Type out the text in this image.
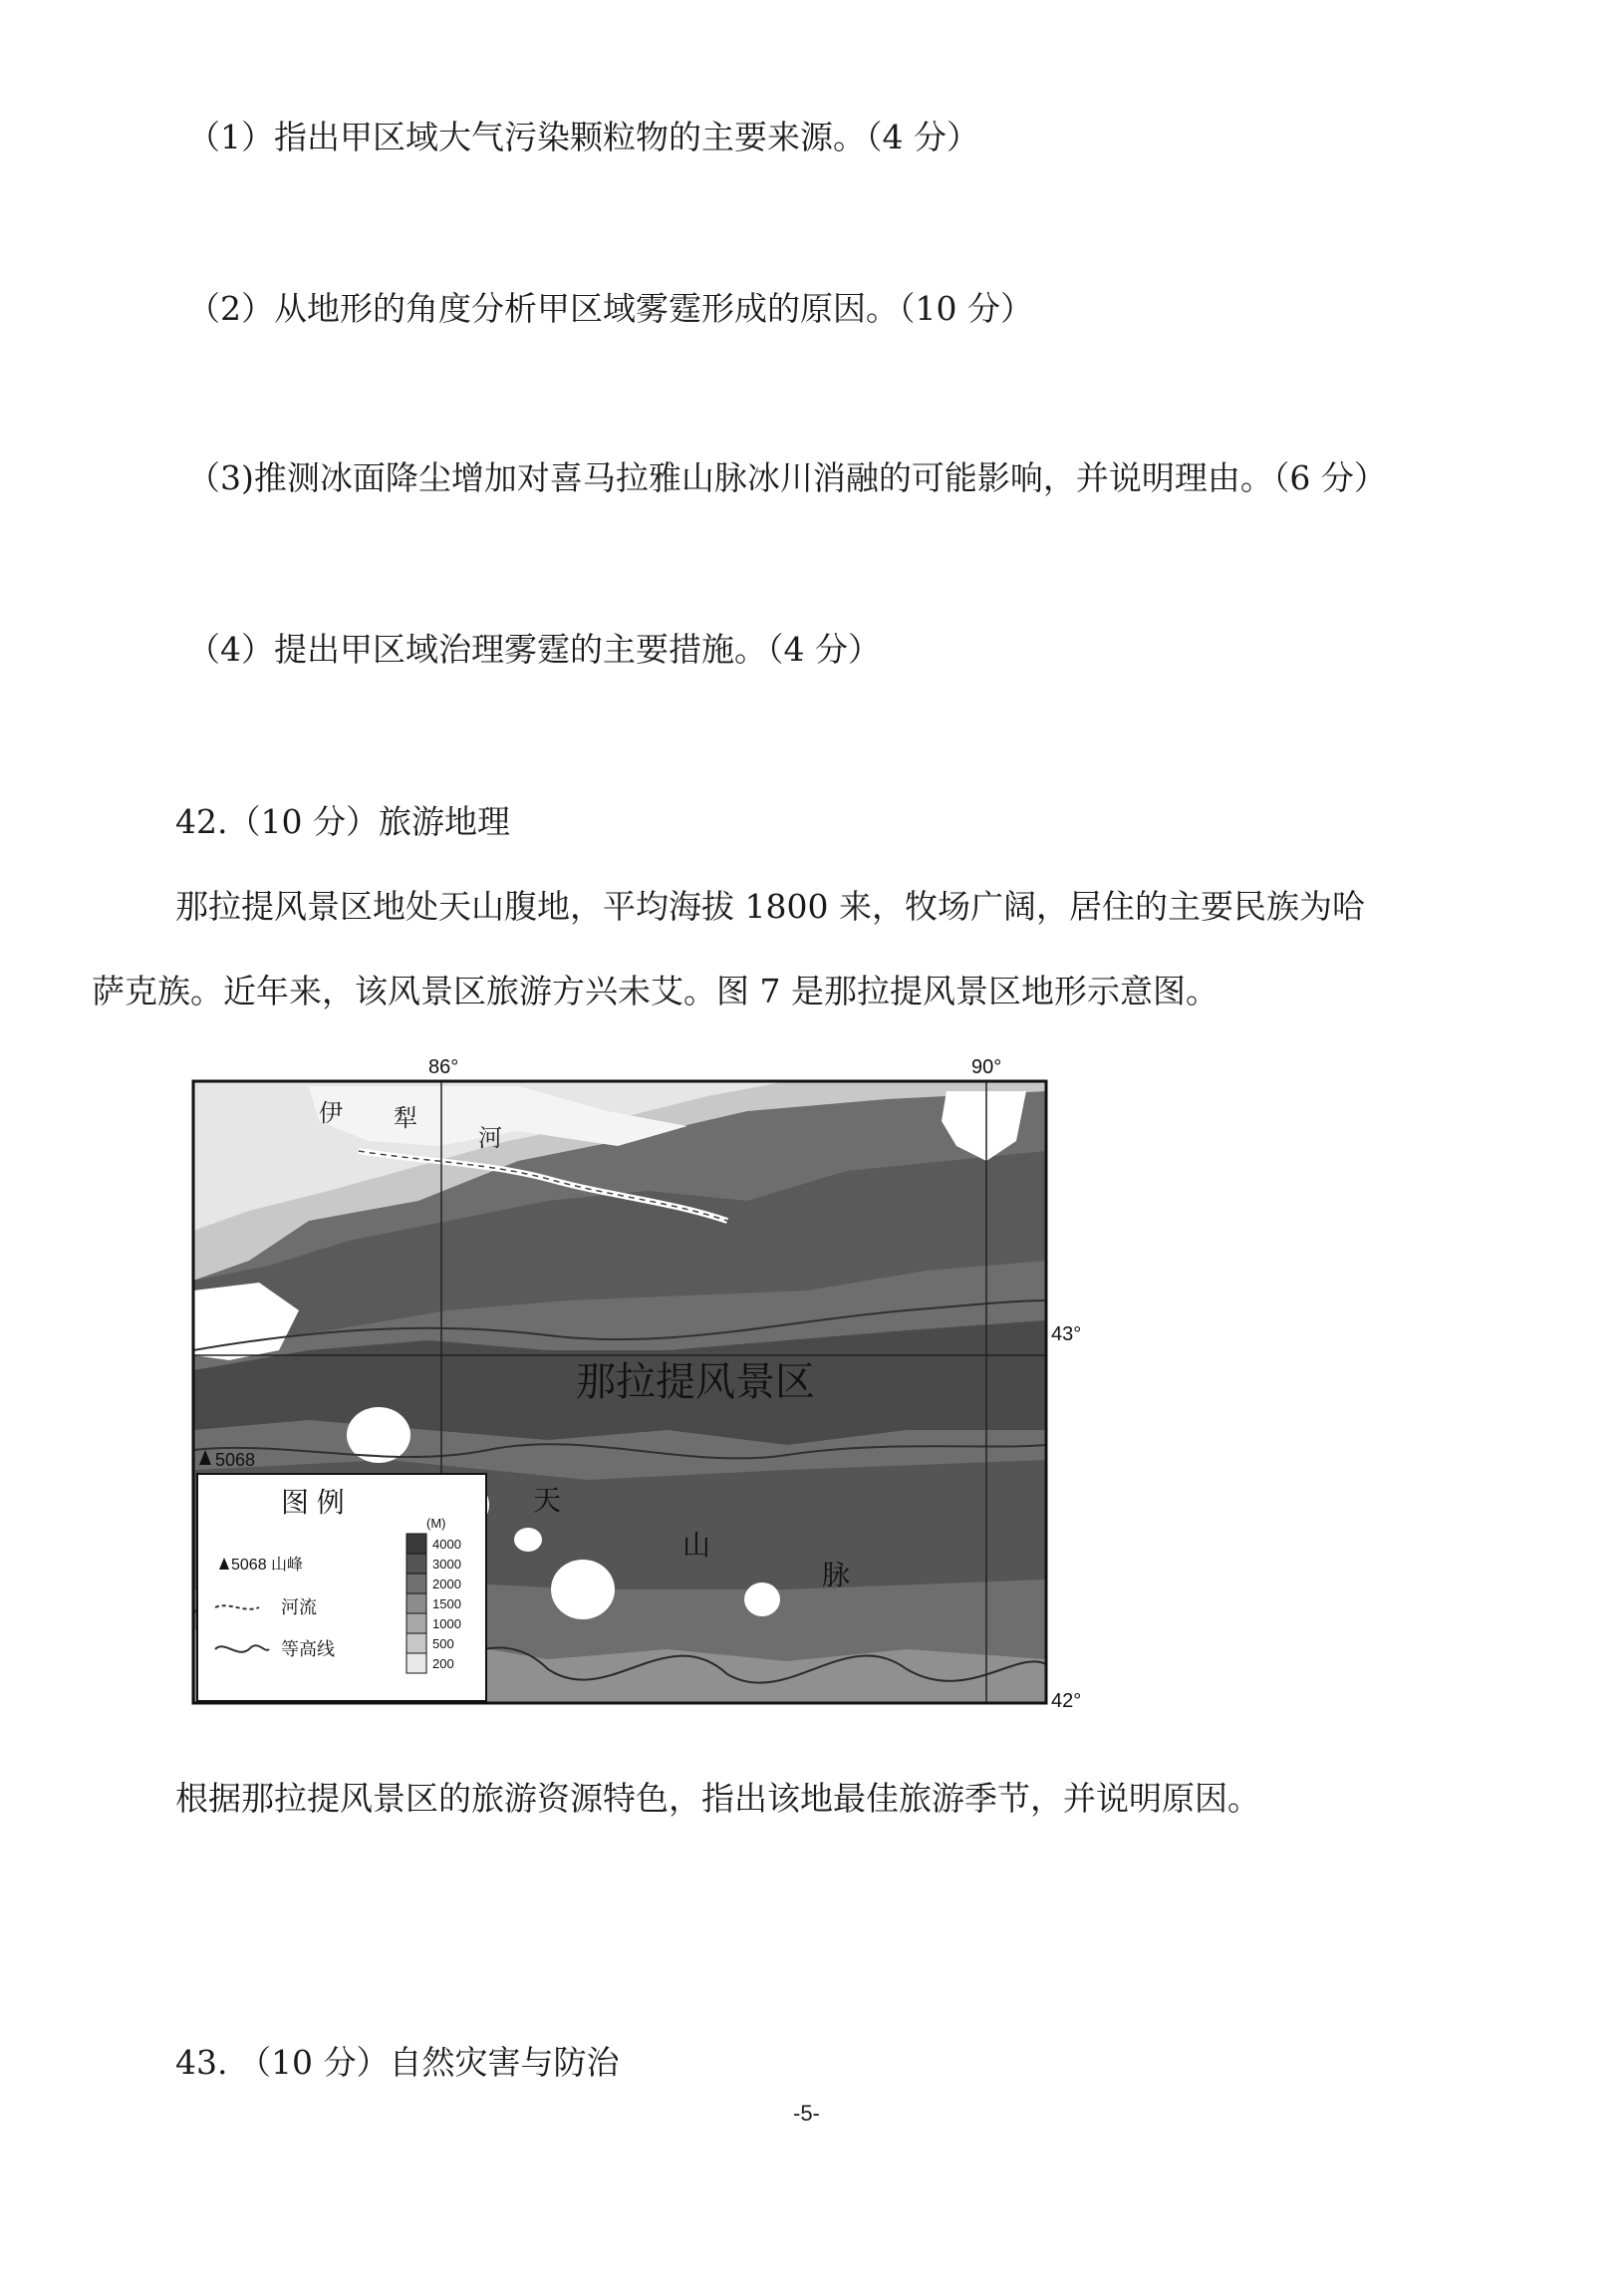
（1）指出甲区域大气污染颗粒物的主要来源。（4 分）
（2）从地形的角度分析甲区域雾霆形成的原因。（10 分）
（3)推测冰面降尘增加对喜马拉雅山脉冰川消融的可能影响，并说明理由。（6 分）
（4）提出甲区域治理雾霆的主要措施。（4 分）
42.（10 分）旅游地理
那拉提风景区地处天山腹地，平均海拔 1800 来，牧场广阔，居住的主要民族为哈
萨克族。近年来，该风景区旅游方兴未艾。图 7 是那拉提风景区地形示意图。
86°	90°
43°
42°
那拉提风景区
伊 犁
河
天
山
脉
5068
图 例
5068 山峰
河流
等高线
(M)
4000
3000
2000
1500
1000
500
200
根据那拉提风景区的旅游资源特色，指出该地最佳旅游季节，并说明原因。
43. （10 分）自然灾害与防治
-5-
